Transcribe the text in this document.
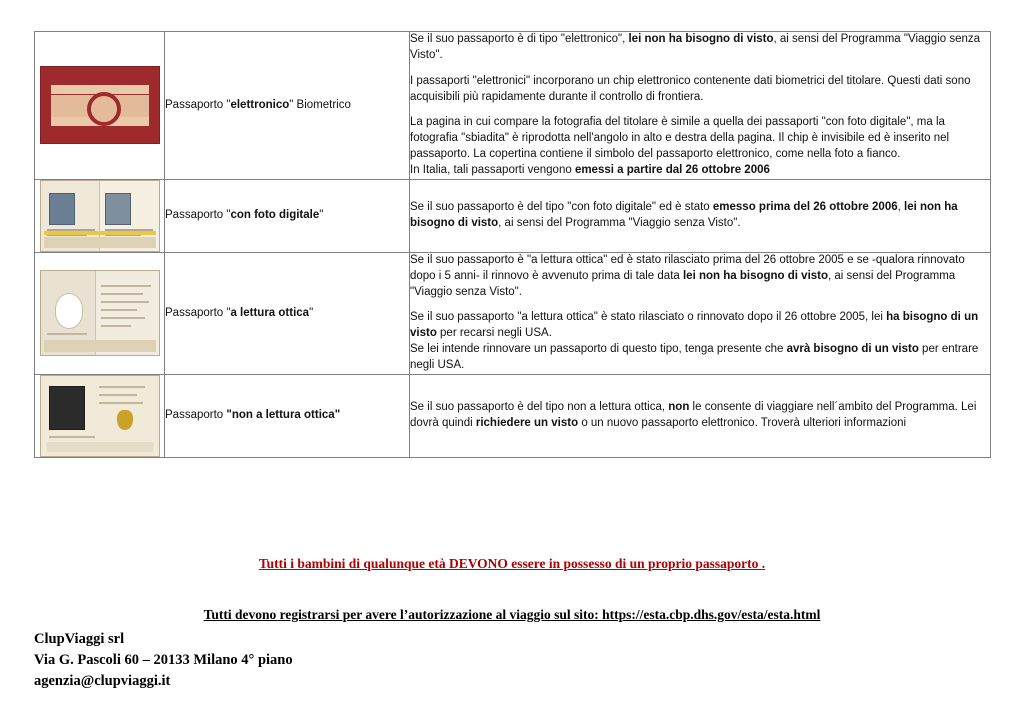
	Passaporto "elettronico" Biometrico	Se il suo passaporto è di tipo "elettronico", lei non ha bisogno di visto, ai sensi del Programma "Viaggio senza Visto".

I passaporti "elettronici" incorporano un chip elettronico contenente dati biometrici del titolare. Questi dati sono acquisibili più rapidamente durante il controllo di frontiera.

La pagina in cui compare la fotografia del titolare è simile a quella dei passaporti "con foto digitale", ma la fotografia "sbiadita" è riprodotta nell'angolo in alto e destra della pagina. Il chip è invisibile ed è inserito nel passaporto. La copertina contiene il simbolo del passaporto elettronico, come nella foto a fianco.

In Italia, tali passaporti vengono emessi a partire dal 26 ottobre 2006

	Passaporto "con foto digitale"	Se il suo passaporto è del tipo "con foto digitale" ed è stato emesso prima del 26 ottobre 2006, lei non ha bisogno di visto, ai sensi del Programma "Viaggio senza Visto".

	Passaporto "a lettura ottica"	Se il suo passaporto è "a lettura ottica" ed è stato rilasciato prima del 26 ottobre 2005 e se -qualora rinnovato dopo i 5 anni- il rinnovo è avvenuto prima di tale data lei non ha bisogno di visto, ai sensi del Programma "Viaggio senza Visto".

Se il suo passaporto "a lettura ottica" è stato rilasciato o rinnovato dopo il 26 ottobre 2005, lei ha bisogno di un visto per recarsi negli USA.

Se lei intende rinnovare un passaporto di questo tipo, tenga presente che avrà bisogno di un visto per entrare negli USA.

	Passaporto "non a lettura ottica"	Se il suo passaporto è del tipo non a lettura ottica, non le consente di viaggiare nell´ambito del Programma. Lei dovrà quindi richiedere un visto o un nuovo passaporto elettronico. Troverà ulteriori informazioni

Tutti i bambini di qualunque età DEVONO essere in possesso di un proprio passaporto .
Tutti devono registrarsi per avere l’autorizzazione al viaggio sul sito: https://esta.cbp.dhs.gov/esta/esta.html
ClupViaggi srl
Via G. Pascoli 60 – 20133 Milano 4° piano
agenzia@clupviaggi.it
